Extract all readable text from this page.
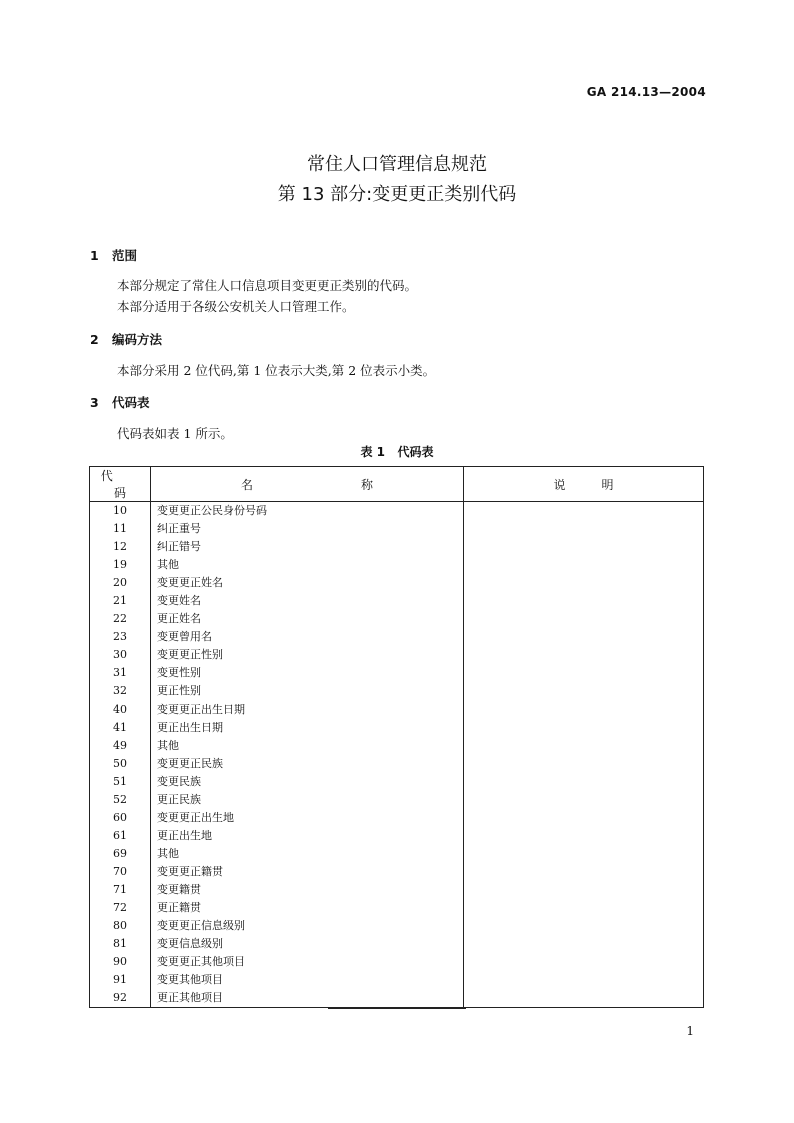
GA 214.13—2004
常住人口管理信息规范
第 13 部分:变更更正类别代码
1 范围
本部分规定了常住人口信息项目变更更正类别的代码。
本部分适用于各级公安机关人口管理工作。
2 编码方法
本部分采用 2 位代码,第 1 位表示大类,第 2 位表示小类。
3 代码表
代码表如表 1 所示。
表 1   代码表
代码	名称	说明
10	变更更正公民身份号码	
11	纠正重号	
12	纠正错号	
19	其他	
20	变更更正姓名	
21	变更姓名	
22	更正姓名	
23	变更曾用名	
30	变更更正性别	
31	变更性别	
32	更正性别	
40	变更更正出生日期	
41	更正出生日期	
49	其他	
50	变更更正民族	
51	变更民族	
52	更正民族	
60	变更更正出生地	
61	更正出生地	
69	其他	
70	变更更正籍贯	
71	变更籍贯	
72	更正籍贯	
80	变更更正信息级别	
81	变更信息级别	
90	变更更正其他项目	
91	变更其他项目	
92	更正其他项目	
1
